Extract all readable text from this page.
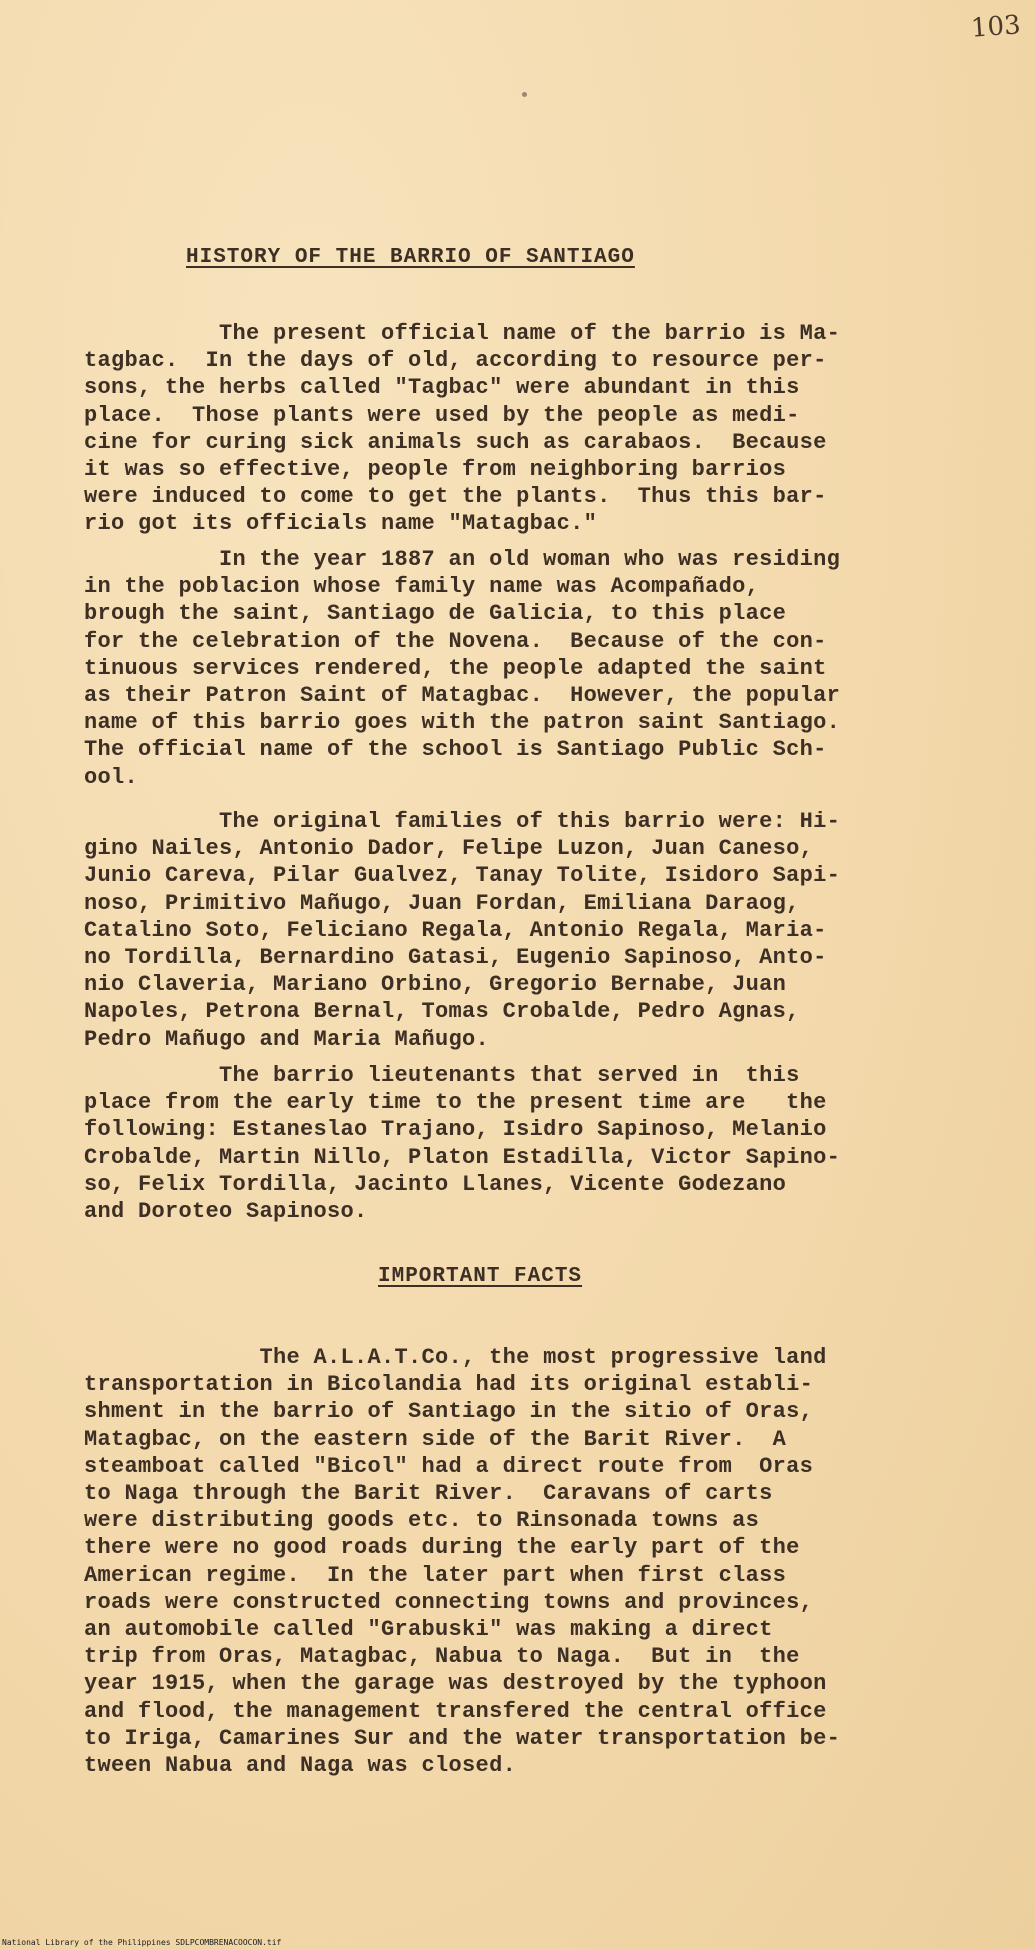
103
HISTORY OF THE BARRIO OF SANTIAGO

The present official name of the barrio is Ma-
tagbac.  In the days of old, according to resource per-
sons, the herbs called "Tagbac" were abundant in this
place.  Those plants were used by the people as medi-
cine for curing sick animals such as carabaos.  Because
it was so effective, people from neighboring barrios
were induced to come to get the plants.  Thus this bar-
rio got its officials name "Matagbac."

In the year 1887 an old woman who was residing
in the poblacion whose family name was Acompañado,
brough the saint, Santiago de Galicia, to this place
for the celebration of the Novena.  Because of the con-
tinuous services rendered, the people adapted the saint
as their Patron Saint of Matagbac.  However, the popular
name of this barrio goes with the patron saint Santiago.
The official name of the school is Santiago Public Sch-
ool.

The original families of this barrio were: Hi-
gino Nailes, Antonio Dador, Felipe Luzon, Juan Caneso,
Junio Careva, Pilar Gualvez, Tanay Tolite, Isidoro Sapi-
noso, Primitivo Mañugo, Juan Fordan, Emiliana Daraog,
Catalino Soto, Feliciano Regala, Antonio Regala, Maria-
no Tordilla, Bernardino Gatasi, Eugenio Sapinoso, Anto-
nio Claveria, Mariano Orbino, Gregorio Bernabe, Juan
Napoles, Petrona Bernal, Tomas Crobalde, Pedro Agnas,
Pedro Mañugo and Maria Mañugo.

The barrio lieutenants that served in  this
place from the early time to the present time are   the
following: Estaneslao Trajano, Isidro Sapinoso, Melanio
Crobalde, Martin Nillo, Platon Estadilla, Victor Sapino-
so, Felix Tordilla, Jacinto Llanes, Vicente Godezano
and Doroteo Sapinoso.

IMPORTANT FACTS

The A.L.A.T.Co., the most progressive land
transportation in Bicolandia had its original establi-
shment in the barrio of Santiago in the sitio of Oras,
Matagbac, on the eastern side of the Barit River.  A
steamboat called "Bicol" had a direct route from  Oras
to Naga through the Barit River.  Caravans of carts
were distributing goods etc. to Rinsonada towns as
there were no good roads during the early part of the
American regime.  In the later part when first class
roads were constructed connecting towns and provinces,
an automobile called "Grabuski" was making a direct
trip from Oras, Matagbac, Nabua to Naga.  But in  the
year 1915, when the garage was destroyed by the typhoon
and flood, the management transfered the central office
to Iriga, Camarines Sur and the water transportation be-
tween Nabua and Naga was closed.

National Library of the Philippines SDLPCOMBRENACOOCON.tif
